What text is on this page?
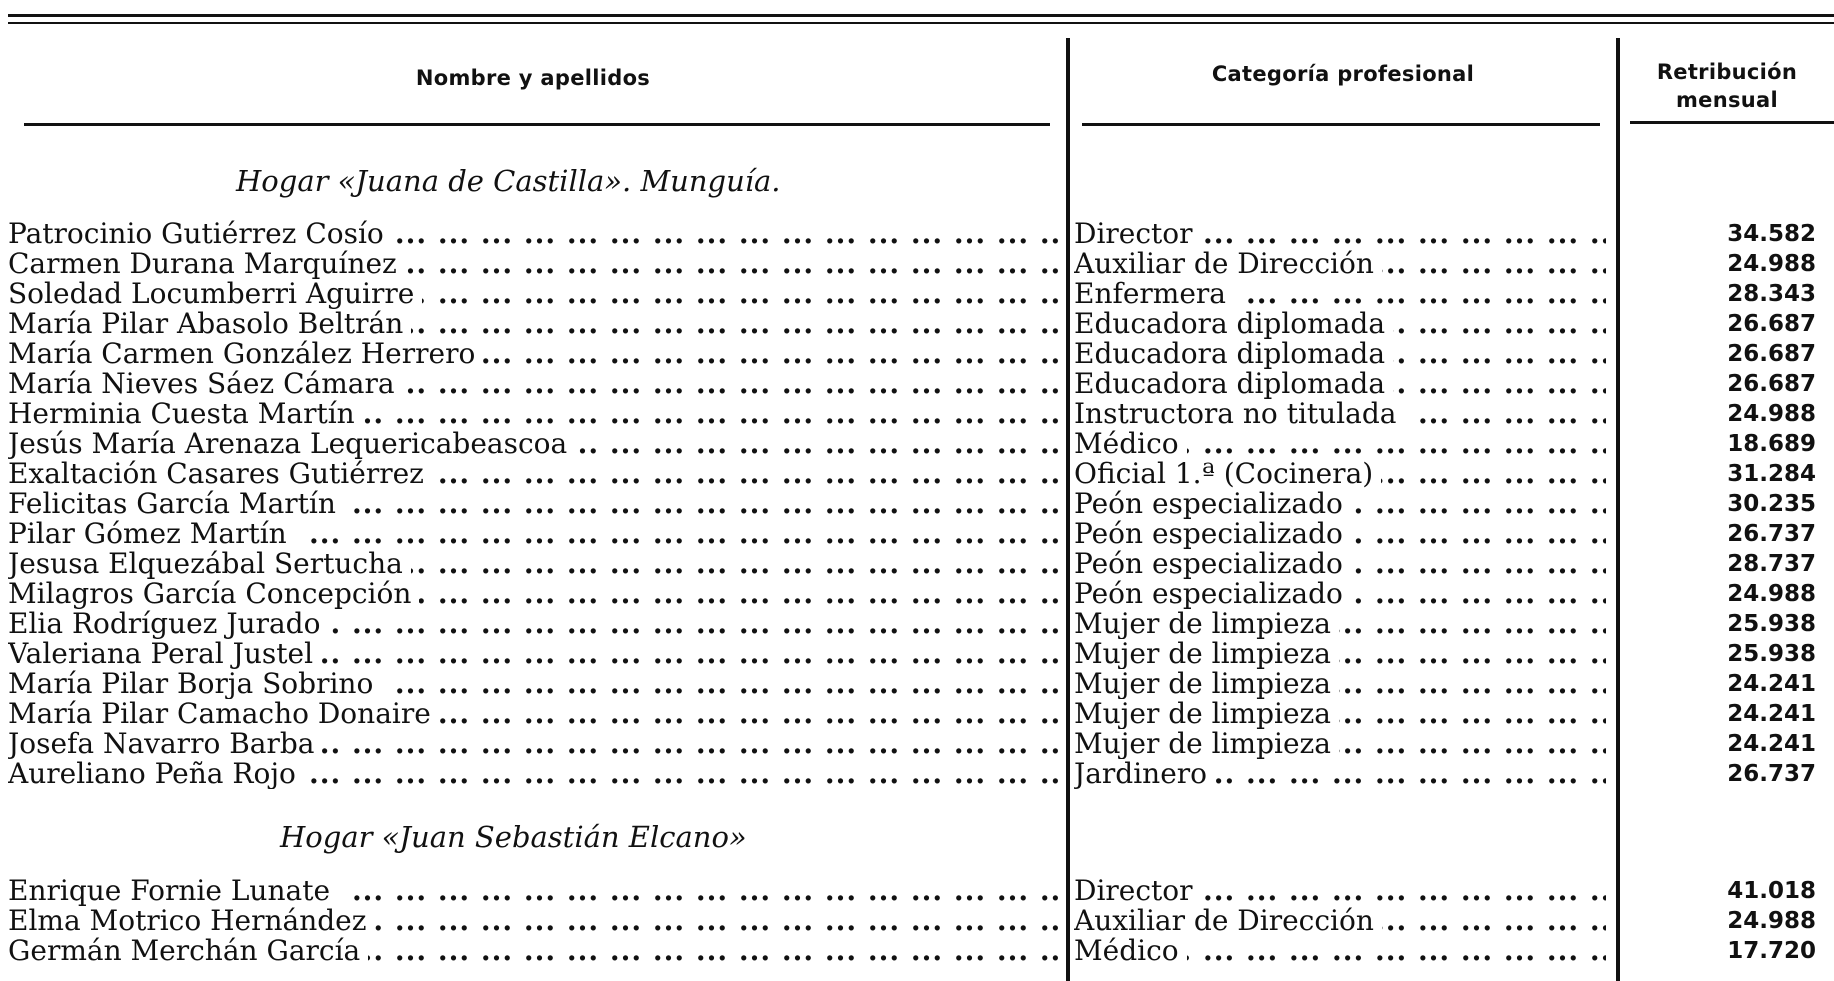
Nombre y apellidos	Categoría profesional	Retribución
mensual
Hogar «Juana de Castilla». Munguía.
Patrocinio Gutiérrez Cosío ... .	Director ... .	34.582
Carmen Durana Marquínez ... .	Auxiliar de Dirección ... .	24.988
Soledad Locumberri Aguirre ... .	Enfermera ... .	28.343
María Pilar Abasolo Beltrán ... .	Educadora diplomada ... .	26.687
María Carmen González Herrero ... .	Educadora diplomada ... .	26.687
María Nieves Sáez Cámara ... .	Educadora diplomada ... .	26.687
Herminia Cuesta Martín ... .	Instructora no titulada ... .	24.988
Jesús María Arenaza Lequericabeascoa ... .	Médico ... .	18.689
Exaltación Casares Gutiérrez ... .	Oficial 1.ª (Cocinera) ... .	31.284
Felicitas García Martín ... .	Peón especializado ... .	30.235
Pilar Gómez Martín ... .	Peón especializado ... .	26.737
Jesusa Elquezábal Sertucha ... .	Peón especializado ... .	28.737
Milagros García Concepción ... .	Peón especializado ... .	24.988
Elia Rodríguez Jurado ... .	Mujer de limpieza ... .	25.938
Valeriana Peral Justel ... .	Mujer de limpieza ... .	25.938
María Pilar Borja Sobrino ... .	Mujer de limpieza ... .	24.241
María Pilar Camacho Donaire ... .	Mujer de limpieza ... .	24.241
Josefa Navarro Barba ... .	Mujer de limpieza ... .	24.241
Aureliano Peña Rojo ... .	Jardinero ... .	26.737
Hogar «Juan Sebastián Elcano»
Enrique Fornie Lunate ... .	Director ... .	41.018
Elma Motrico Hernández ... .	Auxiliar de Dirección ... .	24.988
Germán Merchán García ... .	Médico ... .	17.720
